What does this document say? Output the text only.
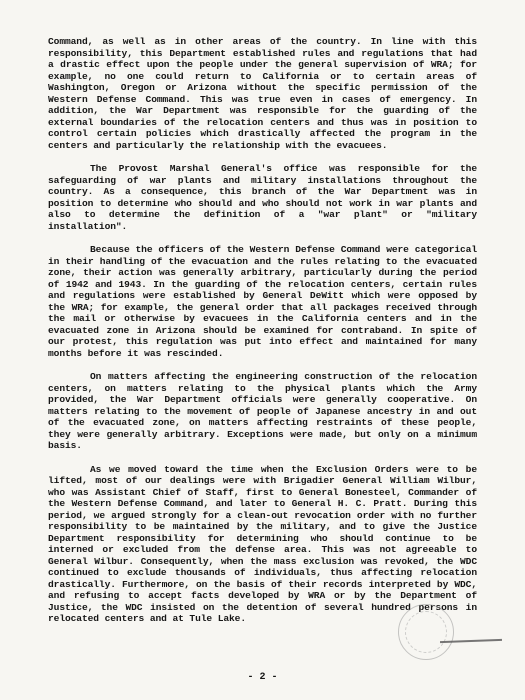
Command, as well as in other areas of the country. In line with this responsibility, this Department established rules and regulations that had a drastic effect upon the people under the general supervision of WRA; for example, no one could return to California or to certain areas of Washington, Oregon or Arizona without the specific permission of the Western Defense Command. This was true even in cases of emergency. In addition, the War Department was responsible for the guarding of the external boundaries of the relocation centers and thus was in position to control certain policies which drastically affected the program in the centers and particularly the relationship with the evacuees.

The Provost Marshal General's office was responsible for the safeguarding of war plants and military installations throughout the country. As a consequence, this branch of the War Department was in position to determine who should and who should not work in war plants and also to determine the definition of a "war plant" or "military installation".

Because the officers of the Western Defense Command were categorical in their handling of the evacuation and the rules relating to the evacuated zone, their action was generally arbitrary, particularly during the period of 1942 and 1943. In the guarding of the relocation centers, certain rules and regulations were established by General DeWitt which were opposed by the WRA; for example, the general order that all packages received through the mail or otherwise by evacuees in the California centers and in the evacuated zone in Arizona should be examined for contraband. In spite of our protest, this regulation was put into effect and maintained for many months before it was rescinded.

On matters affecting the engineering construction of the relocation centers, on matters relating to the physical plants which the Army provided, the War Department officials were generally cooperative. On matters relating to the movement of people of Japanese ancestry in and out of the evacuated zone, on matters affecting restraints of these people, they were generally arbitrary. Exceptions were made, but only on a minimum basis.

As we moved toward the time when the Exclusion Orders were to be lifted, most of our dealings were with Brigadier General William Wilbur, who was Assistant Chief of Staff, first to General Bonesteel, Commander of the Western Defense Command, and later to General H. C. Pratt. During this period, we argued strongly for a clean-out revocation order with no further responsibility to be maintained by the military, and to give the Justice Department responsibility for determining who should continue to be interned or excluded from the defense area. This was not agreeable to General Wilbur. Consequently, when the mass exclusion was revoked, the WDC continued to exclude thousands of individuals, thus affecting relocation drastically. Furthermore, on the basis of their records interpreted by WDC, and refusing to accept facts developed by WRA or by the Department of Justice, the WDC insisted on the detention of several hundred persons in relocated centers and at Tule Lake.

- 2 -
